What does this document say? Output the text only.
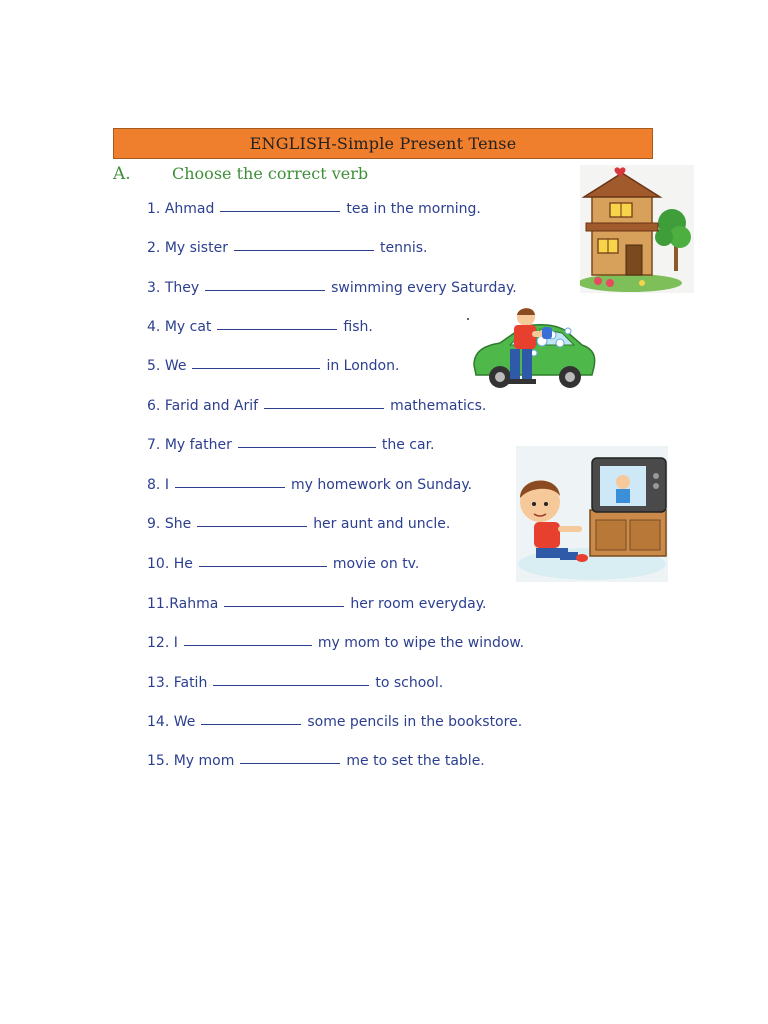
ENGLISH-Simple Present Tense
A.	Choose the correct verb
1.
Ahmad	tea in the morning.
2.
My sister	tennis.
3.
They	swimming every Saturday.
4.
My cat	fish.
5.
We	in London.
6.
Farid and Arif	mathematics.
7.
My father	the car.
8.
I	my homework on Sunday.
9.
She	her aunt and uncle.
10.
He	movie on tv.
11. Rahma	her room everyday.
12.
I	my mom to wipe the window.
13.
Fatih	to school.
14.
We	some pencils in the bookstore.
15.
My mom	me to set the table.
